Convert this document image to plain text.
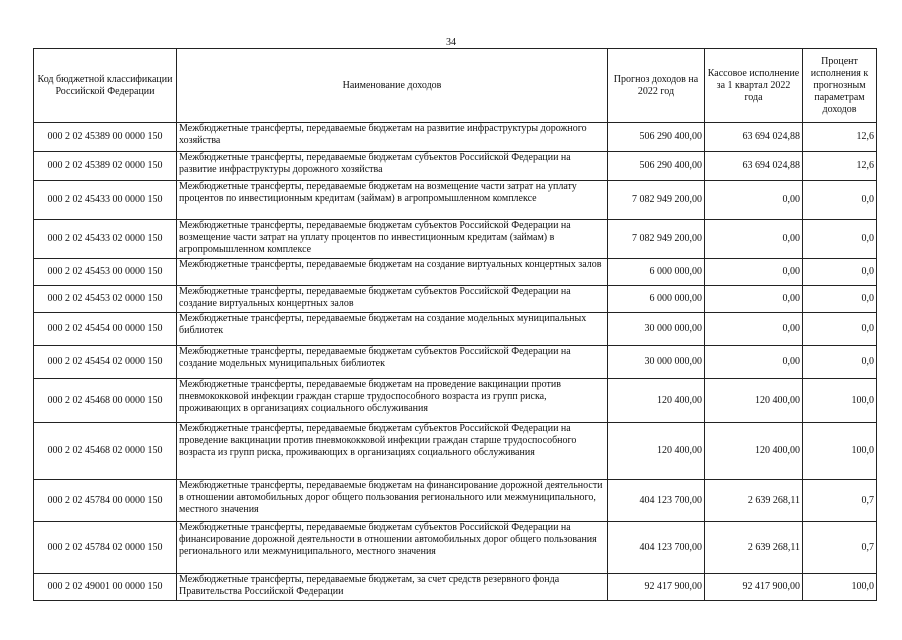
34
Код бюджетной классификации Российской Федерации	Наименование доходов	Прогноз доходов на 2022 год	Кассовое исполнение за 1 квартал 2022 года	Процент исполнения к прогнозным параметрам доходов
000 2 02 45389 00 0000 150	Межбюджетные трансферты, передаваемые бюджетам на развитие инфраструктуры дорожного хозяйства	506 290 400,00	63 694 024,88	12,6
000 2 02 45389 02 0000 150	Межбюджетные трансферты, передаваемые бюджетам субъектов Российской Федерации на развитие инфраструктуры дорожного хозяйства	506 290 400,00	63 694 024,88	12,6
000 2 02 45433 00 0000 150	Межбюджетные трансферты, передаваемые бюджетам на возмещение части затрат на уплату процентов по инвестиционным кредитам (займам) в агропромышленном комплексе	7 082 949 200,00	0,00	0,0
000 2 02 45433 02 0000 150	Межбюджетные трансферты, передаваемые бюджетам субъектов Российской Федерации на возмещение части затрат на уплату процентов по инвестиционным кредитам (займам) в агропромышленном комплексе	7 082 949 200,00	0,00	0,0
000 2 02 45453 00 0000 150	Межбюджетные трансферты, передаваемые бюджетам на создание виртуальных концертных залов	6 000 000,00	0,00	0,0
000 2 02 45453 02 0000 150	Межбюджетные трансферты, передаваемые бюджетам субъектов Российской Федерации на создание виртуальных концертных залов	6 000 000,00	0,00	0,0
000 2 02 45454 00 0000 150	Межбюджетные трансферты, передаваемые бюджетам на создание модельных муниципальных библиотек	30 000 000,00	0,00	0,0
000 2 02 45454 02 0000 150	Межбюджетные трансферты, передаваемые бюджетам субъектов Российской Федерации на создание модельных муниципальных библиотек	30 000 000,00	0,00	0,0
000 2 02 45468 00 0000 150	Межбюджетные трансферты, передаваемые бюджетам на проведение вакцинации против пневмококковой инфекции граждан старше трудоспособного возраста из групп риска, проживающих в организациях социального обслуживания	120 400,00	120 400,00	100,0
000 2 02 45468 02 0000 150	Межбюджетные трансферты, передаваемые бюджетам субъектов Российской Федерации на проведение вакцинации против пневмококковой инфекции граждан старше трудоспособного возраста из групп риска, проживающих в организациях социального обслуживания	120 400,00	120 400,00	100,0
000 2 02 45784 00 0000 150	Межбюджетные трансферты, передаваемые бюджетам на финансирование дорожной деятельности в отношении автомобильных дорог общего пользования регионального или межмуниципального, местного значения	404 123 700,00	2 639 268,11	0,7
000 2 02 45784 02 0000 150	Межбюджетные трансферты, передаваемые бюджетам субъектов Российской Федерации на финансирование дорожной деятельности в отношении автомобильных дорог общего пользования регионального или межмуниципального, местного значения	404 123 700,00	2 639 268,11	0,7
000 2 02 49001 00 0000 150	Межбюджетные трансферты, передаваемые бюджетам, за счет средств резервного фонда Правительства Российской Федерации	92 417 900,00	92 417 900,00	100,0
